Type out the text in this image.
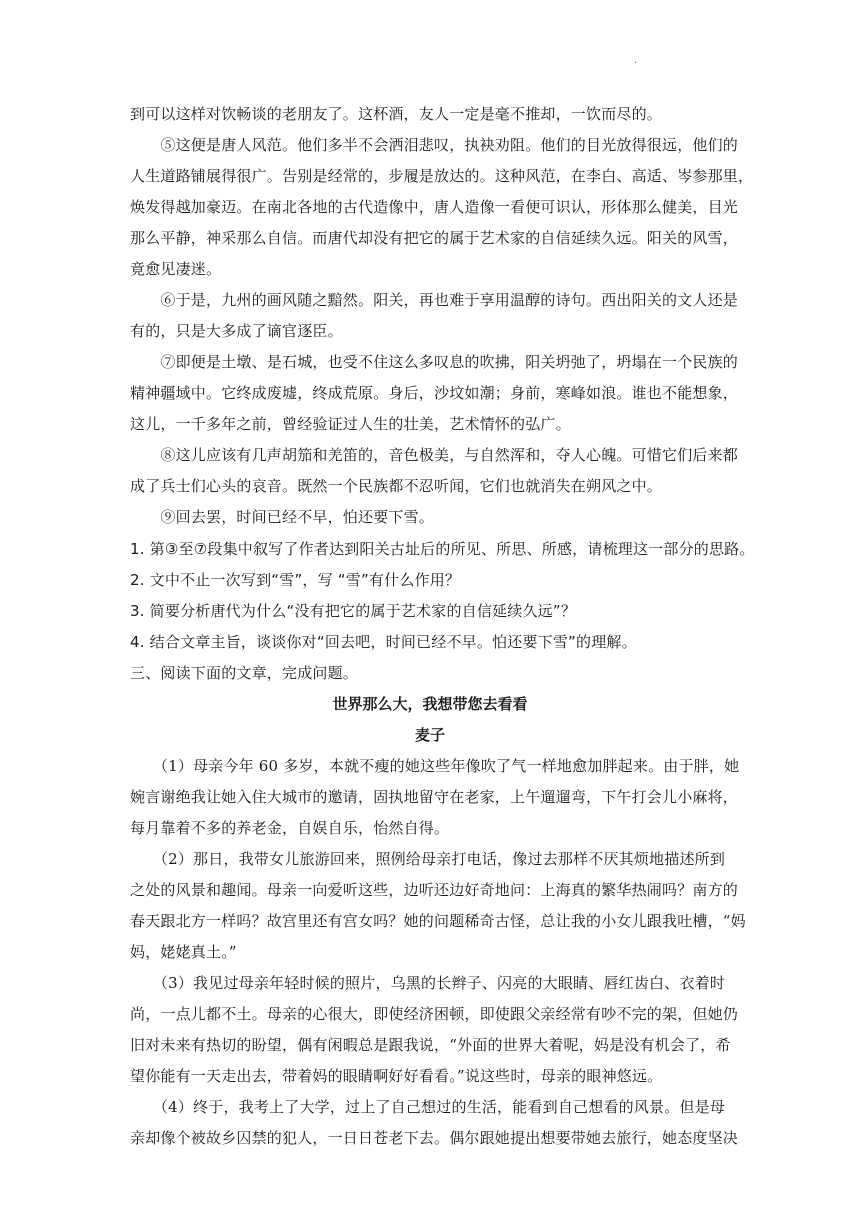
·
到可以这样对饮畅谈的老朋友了。这杯酒，友人一定是毫不推却，一饮而尽的。
　　⑤这便是唐人风范。他们多半不会洒泪悲叹，执袂劝阻。他们的目光放得很远，他们的
人生道路铺展得很广。告别是经常的，步履是放达的。这种风范，在李白、高适、岑参那里，
焕发得越加豪迈。在南北各地的古代造像中，唐人造像一看便可识认，形体那么健美，目光
那么平静，神采那么自信。而唐代却没有把它的属于艺术家的自信延续久远。阳关的风雪，
竟愈见凄迷。
　　⑥于是，九州的画风随之黯然。阳关，再也难于享用温醇的诗句。西出阳关的文人还是
有的，只是大多成了谪官逐臣。
　　⑦即便是土墩、是石城，也受不住这么多叹息的吹拂，阳关坍弛了，坍塌在一个民族的
精神疆域中。它终成废墟，终成荒原。身后，沙坟如潮；身前，寒峰如浪。谁也不能想象，
这儿，一千多年之前，曾经验证过人生的壮美，艺术情怀的弘广。
　　⑧这儿应该有几声胡笳和羌笛的，音色极美，与自然浑和，夺人心魄。可惜它们后来都
成了兵士们心头的哀音。既然一个民族都不忍听闻，它们也就消失在朔风之中。
　　⑨回去罢，时间已经不早，怕还要下雪。
1. 第③至⑦段集中叙写了作者达到阳关古址后的所见、所思、所感，请梳理这一部分的思路。
2. 文中不止一次写到“雪”，写 “雪”有什么作用？
3. 简要分析唐代为什么“没有把它的属于艺术家的自信延续久远”？
4. 结合文章主旨，谈谈你对“回去吧，时间已经不早。怕还要下雪”的理解。
三、阅读下面的文章，完成问题。
世界那么大，我想带您去看看
麦子
　　（1）母亲今年 60 多岁，本就不瘦的她这些年像吹了气一样地愈加胖起来。由于胖，她
婉言谢绝我让她入住大城市的邀请，固执地留守在老家，上午遛遛弯，下午打会儿小麻将，
每月靠着不多的养老金，自娱自乐，怡然自得。
　　（2）那日，我带女儿旅游回来，照例给母亲打电话，像过去那样不厌其烦地描述所到
之处的风景和趣闻。母亲一向爱听这些，边听还边好奇地问：上海真的繁华热闹吗？南方的
春天跟北方一样吗？故宫里还有宫女吗？她的问题稀奇古怪，总让我的小女儿跟我吐槽，“妈
妈，姥姥真土。”
　　（3）我见过母亲年轻时候的照片，乌黑的长辫子、闪亮的大眼睛、唇红齿白、衣着时
尚，一点儿都不土。母亲的心很大，即使经济困顿，即使跟父亲经常有吵不完的架，但她仍
旧对未来有热切的盼望，偶有闲暇总是跟我说，“外面的世界大着呢，妈是没有机会了，希
望你能有一天走出去，带着妈的眼睛啊好好看看。”说这些时，母亲的眼神悠远。
　　（4）终于，我考上了大学，过上了自己想过的生活，能看到自己想看的风景。但是母
亲却像个被故乡囚禁的犯人，一日日苍老下去。偶尔跟她提出想要带她去旅行，她态度坚决
